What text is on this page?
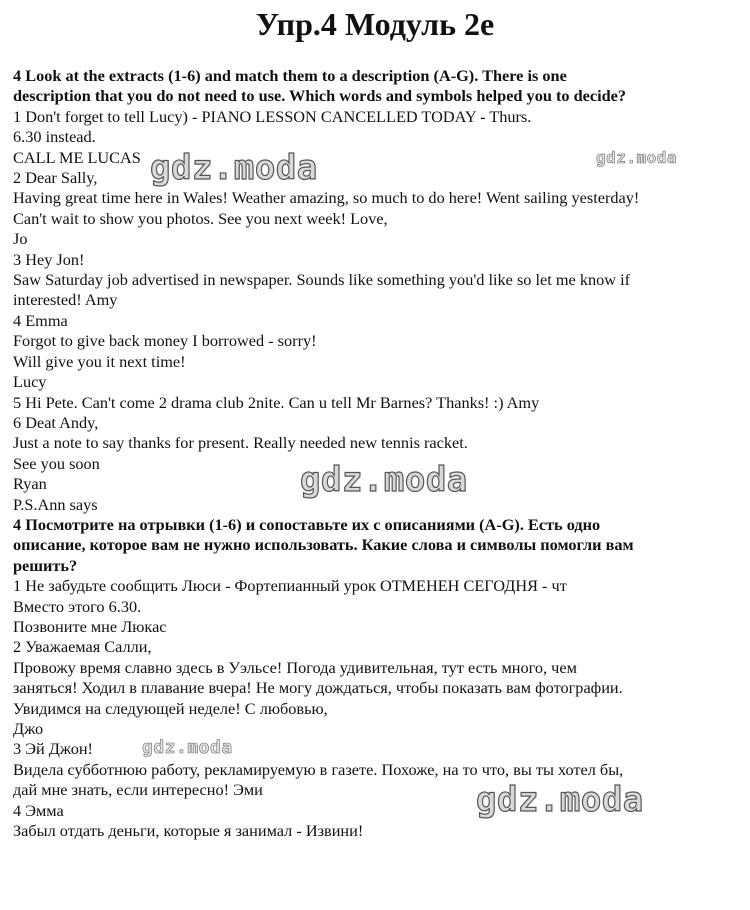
Упр.4 Модуль 2е
4 Look at the extracts (1-6) and match them to a description (A-G). There is one
description that you do not need to use. Which words and symbols helped you to decide?
1 Don't forget to tell Lucy) - PIANO LESSON CANCELLED TODAY - Thurs.
6.30 instead.
CALL ME LUCAS
2 Dear Sally,
Having great time here in Wales! Weather amazing, so much to do here! Went sailing yesterday!
Can't wait to show you photos. See you next week! Love,
Jo
3 Hey Jon!
Saw Saturday job advertised in newspaper. Sounds like something you'd like so let me know if
interested! Amy
4 Emma
Forgot to give back money I borrowed - sorry!
Will give you it next time!
Lucy
5 Hi Pete. Can't come 2 drama club 2nite. Can u tell Mr Barnes? Thanks! :) Amy
6 Deat Andy,
Just a note to say thanks for present. Really needed new tennis racket.
See you soon
Ryan
P.S.Ann says
4 Посмотрите на отрывки (1-6) и сопоставьте их с описаниями (A-G). Есть одно
описание, которое вам не нужно использовать. Какие слова и символы помогли вам
решить?
1 Не забудьте сообщить Люси - Фортепианный урок ОТМЕНЕН СЕГОДНЯ - чт
Вместо этого 6.30.
Позвоните мне Люкас
2 Уважаемая Салли,
Провожу время славно здесь в Уэльсе! Погода удивительная, тут есть много, чем
заняться! Ходил в плавание вчера! Не могу дождаться, чтобы показать вам фотографии.
Увидимся на следующей неделе! С любовью,
Джо
3 Эй Джон!
Видела субботнюю работу, рекламируемую в газете. Похоже, на то что, вы ты хотел бы,
дай мне знать, если интересно! Эми
4 Эмма
Забыл отдать деньги, которые я занимал - Извини!
gdz.moda	gdz.moda
gdz.moda
gdz.moda
gdz.moda
